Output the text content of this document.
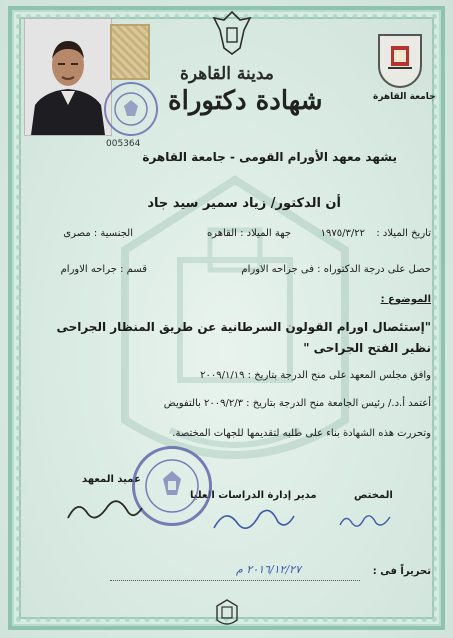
005364
مدينة القاهرة
شهادة دكتوراة	جامعة القاهرة
يشهد معهد الأورام القومى - جامعة القاهرة
أن الدكتور/ زياد سمير سيد جاد
تاريخ الميلاد :
١٩٧٥/٣/٢٢
جهة الميلاد : القاهره
الجنسية : مصرى
حصل على درجة الدكتوراه : فى جراحه الاورام
قسم : جراحه الاورام
الموضوع :
"إستئصال اورام القولون السرطانية عن طريق المنظار الجراحى
نظير الفتح الجراحى "
وافق مجلس المعهد على منح الدرجة بتاريخ : ٢٠٠٩/١/١٩
أعتمد أ.د./ رئيس الجامعة منح الدرجة بتاريخ : ٢٠٠٩/٢/٣ بالتفويض
وتحررت هذه الشهادة بناء على طلبه لتقديمها للجهات المختصة.
المختص
مدير إدارة الدراسات العليا
عميد المعهد
تحريراً فى :
٢٠١٦/١٢/٢٧ م
